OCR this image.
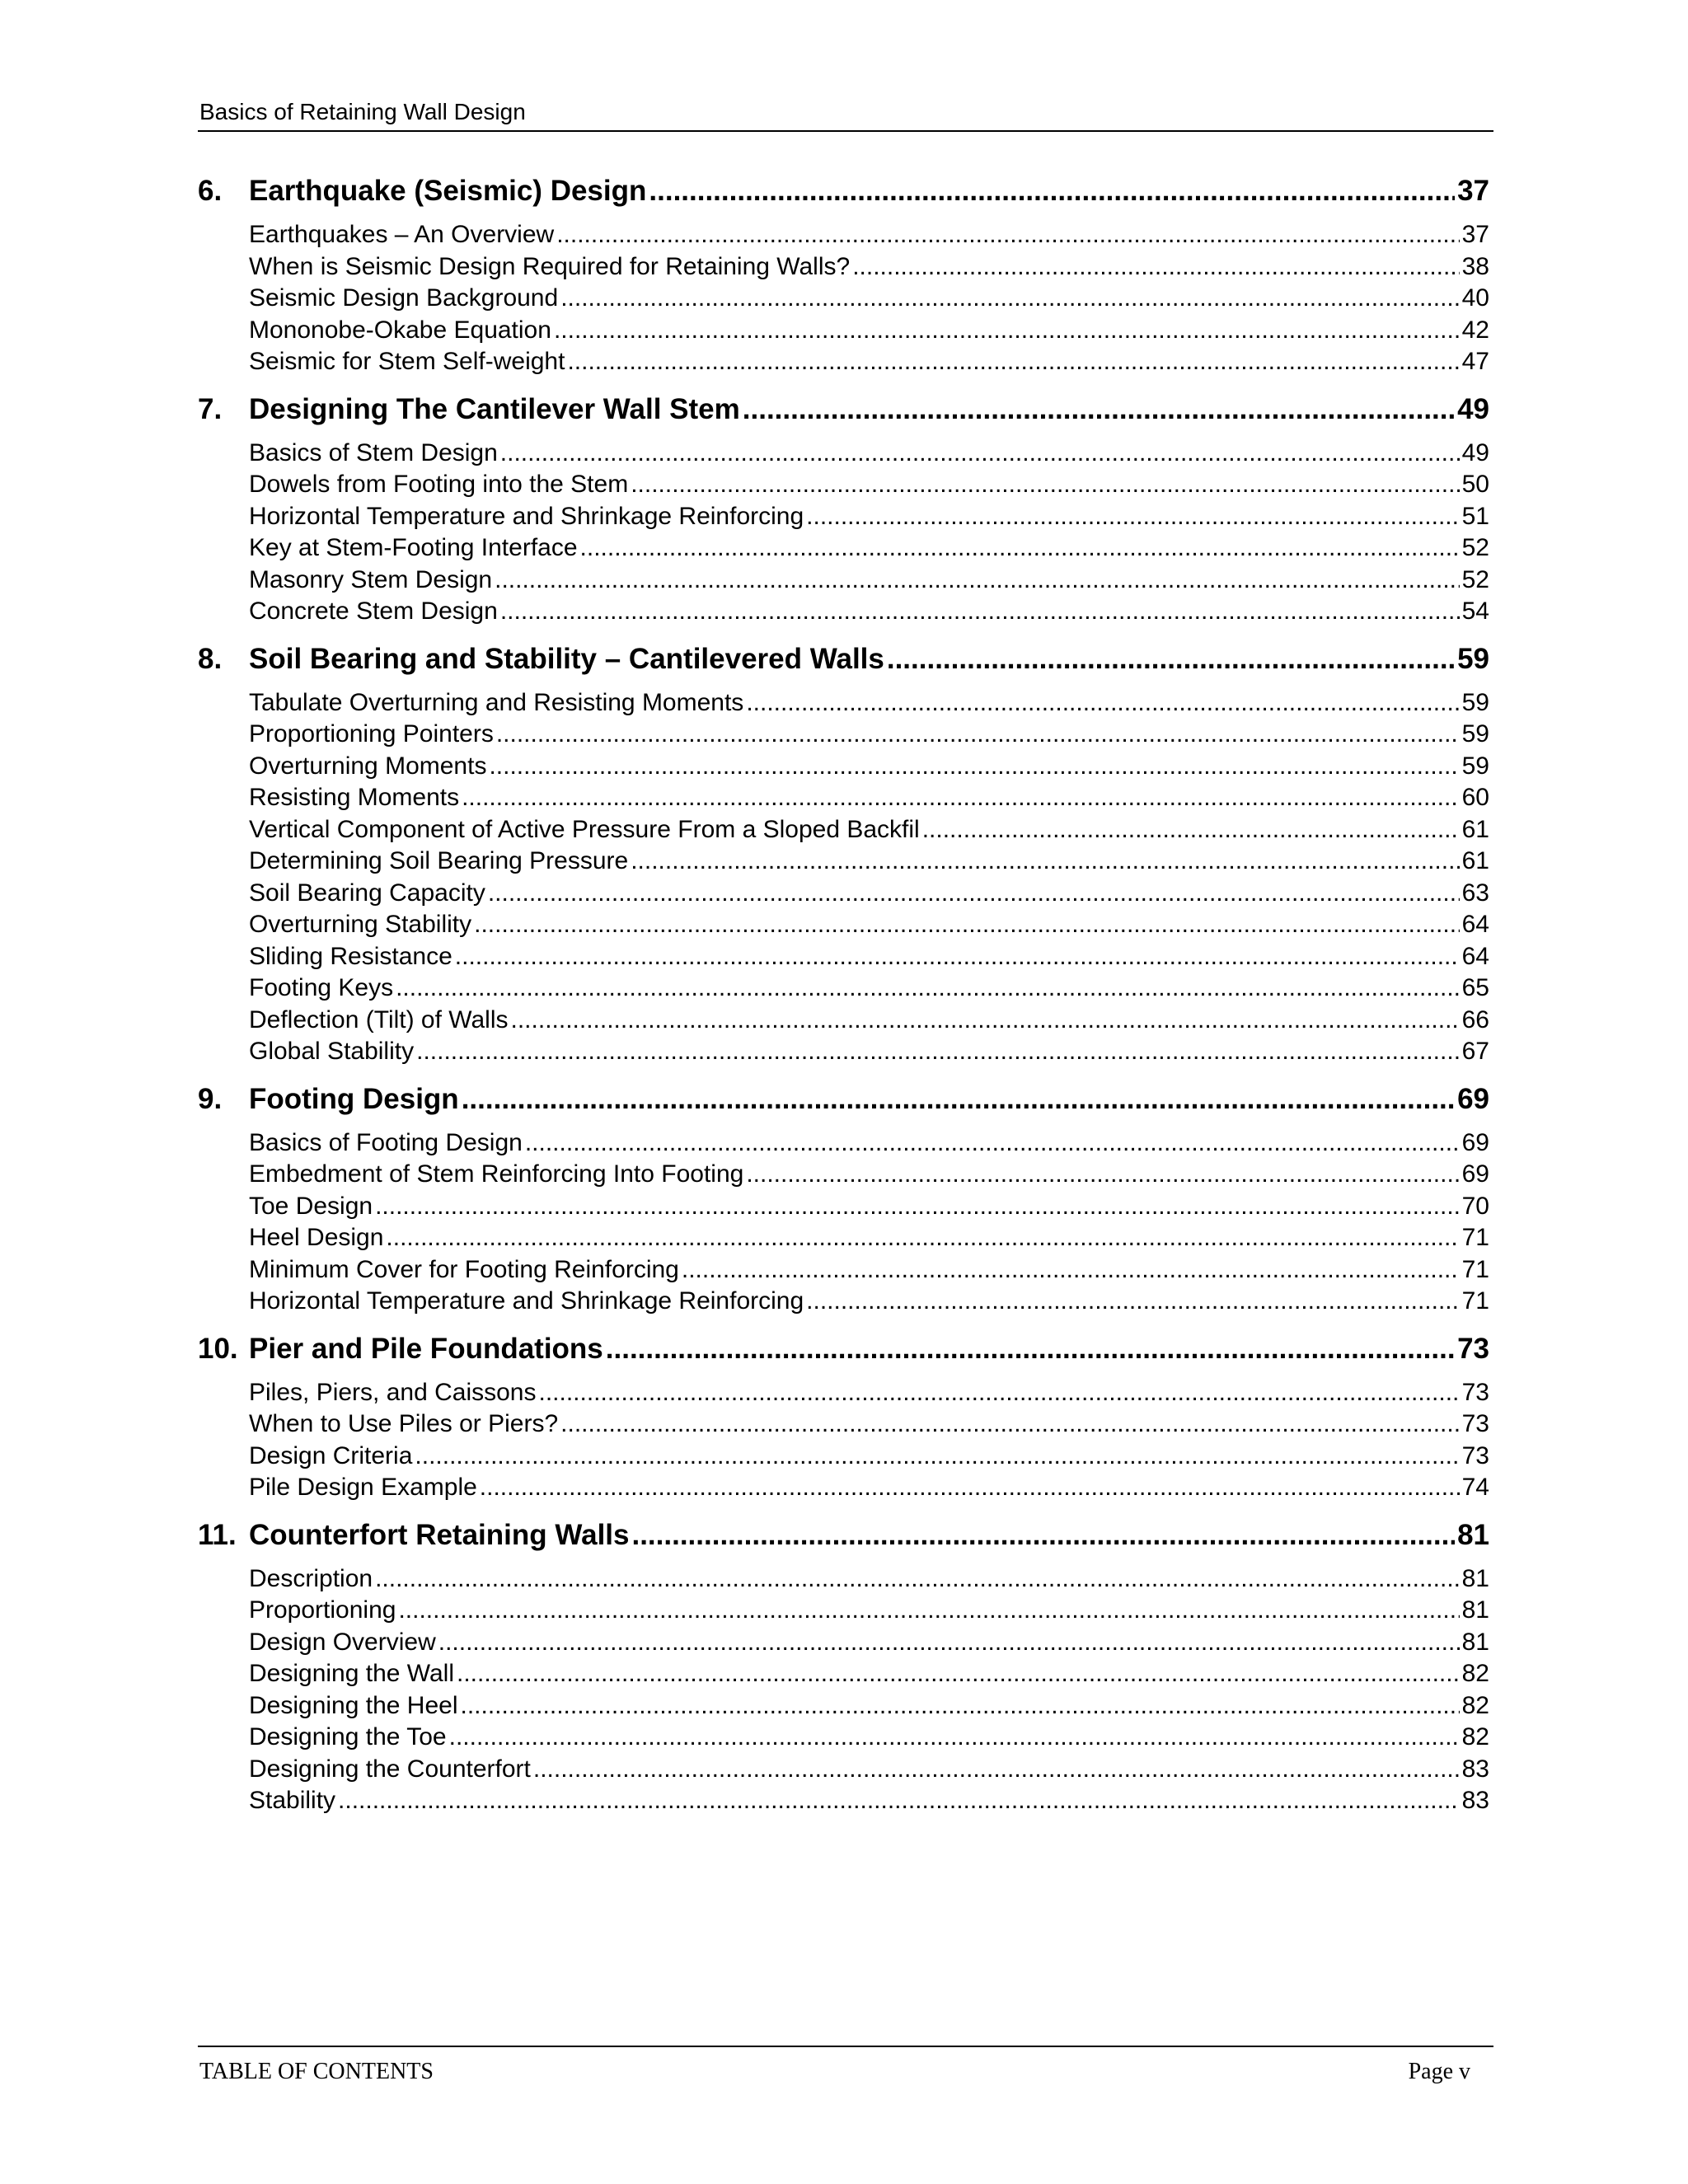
Basics of Retaining Wall Design
6. Earthquake (Seismic) Design .....	37
Earthquakes – An Overview .....	37
When is Seismic Design Required for Retaining Walls? .....	38
Seismic Design Background .....	40
Mononobe-Okabe Equation .....	42
Seismic for Stem Self-weight .....	47
7. Designing The Cantilever Wall Stem .....	49
Basics of Stem Design .....	49
Dowels from Footing into the Stem .....	50
Horizontal Temperature and Shrinkage Reinforcing .....	51
Key at Stem-Footing Interface .....	52
Masonry Stem Design .....	52
Concrete Stem Design .....	54
8. Soil Bearing and Stability – Cantilevered Walls .....	59
Tabulate Overturning and Resisting Moments .....	59
Proportioning Pointers .....	59
Overturning Moments .....	59
Resisting Moments .....	60
Vertical Component of Active Pressure From a Sloped Backfil .....	61
Determining Soil Bearing Pressure .....	61
Soil Bearing Capacity .....	63
Overturning Stability .....	64
Sliding Resistance .....	64
Footing Keys .....	65
Deflection (Tilt) of Walls .....	66
Global Stability .....	67
9. Footing Design .....	69
Basics of Footing Design .....	69
Embedment of Stem Reinforcing Into Footing .....	69
Toe Design .....	70
Heel Design .....	71
Minimum Cover for Footing Reinforcing .....	71
Horizontal Temperature and Shrinkage Reinforcing .....	71
10. Pier and Pile Foundations .....	73
Piles, Piers, and Caissons .....	73
When to Use Piles or Piers? .....	73
Design Criteria .....	73
Pile Design Example .....	74
11. Counterfort Retaining Walls .....	81
Description .....	81
Proportioning .....	81
Design Overview .....	81
Designing the Wall .....	82
Designing the Heel .....	82
Designing the Toe .....	82
Designing the Counterfort .....	83
Stability .....	83
TABLE OF CONTENTS	Page v
